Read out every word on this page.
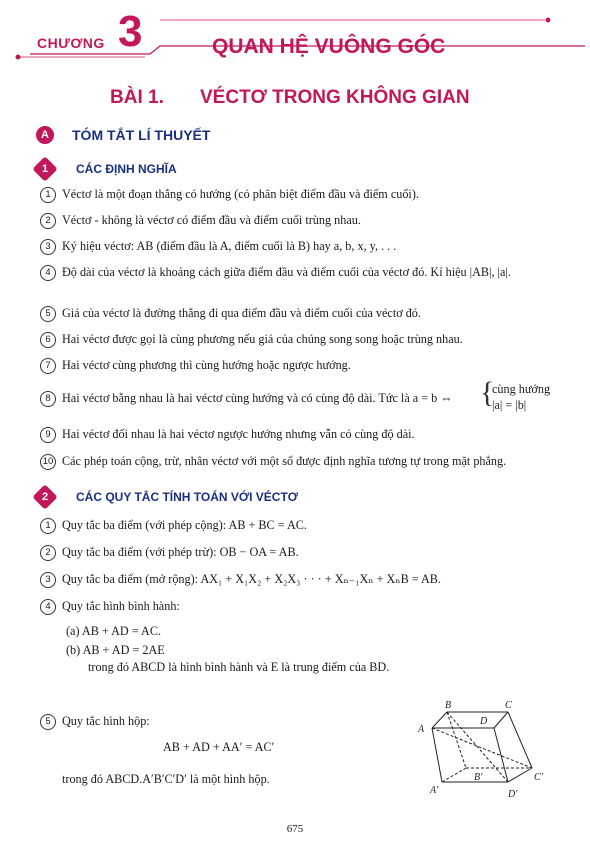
CHƯƠNG 3	QUAN HỆ VUÔNG GÓC
BÀI 1. VÉCTƠ TRONG KHÔNG GIAN
A	TÓM TẮT LÍ THUYẾT
1 CÁC ĐỊNH NGHĨA
1 Véctơ là một đoạn thẳng có hướng (có phân biệt điểm đầu và điểm cuối).
2 Véctơ - không là véctơ có điểm đầu và điểm cuối trùng nhau.
3 Ký hiệu véctơ: AB (điểm đầu là A, điểm cuối là B) hay a, b, x, y, . . .
4 Độ dài của véctơ là khoảng cách giữa điểm đầu và điểm cuối của véctơ đó. Kí hiệu |AB|, |a|.
5 Giá của véctơ là đường thẳng đi qua điểm đầu và điểm cuối của véctơ đó.
6 Hai véctơ được gọi là cùng phương nếu giá của chúng song song hoặc trùng nhau.
7 Hai véctơ cùng phương thì cùng hướng hoặc ngược hướng.
8 Hai véctơ bằng nhau là hai véctơ cùng hướng và có cùng độ dài. Tức là a = b ⇔ {
cùng hướng
|a| = |b|
9 Hai véctơ đối nhau là hai véctơ ngược hướng nhưng vẫn có cùng độ dài.
10 Các phép toán cộng, trừ, nhân véctơ với một số được định nghĩa tương tự trong mặt phẳng.
2 CÁC QUY TẮC TÍNH TOÁN VỚI VÉCTƠ
1 Quy tắc ba điểm (với phép cộng): AB + BC = AC.
2 Quy tắc ba điểm (với phép trừ): OB − OA = AB.
3 Quy tắc ba điểm (mở rộng): AX₁ + X₁X₂ + X₂X₃ · · · + Xₙ₋₁Xₙ + XₙB = AB.
4 Quy tắc hình bình hành:
(a) AB + AD = AC.
(b) AB + AD = 2AE
trong đó ABCD là hình bình hành và E là trung điểm của BD.
5 Quy tắc hình hộp:
AB + AD + AA′ = AC′
trong đó ABCD.A′B′C′D′ là một hình hộp.
A
B	C
D
A′
B′	C′
D′
675
